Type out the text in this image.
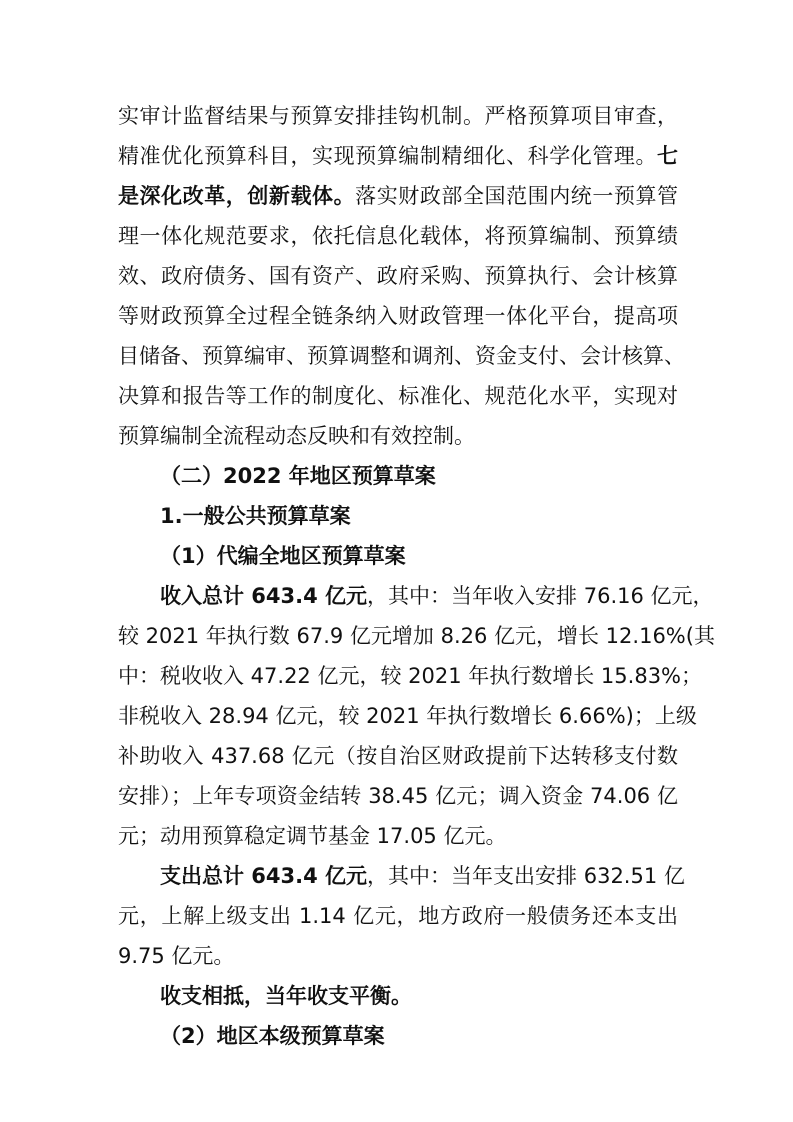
实审计监督结果与预算安排挂钩机制。严格预算项目审查，
精准优化预算科目，实现预算编制精细化、科学化管理。七
是深化改革，创新载体。落实财政部全国范围内统一预算管
理一体化规范要求，依托信息化载体，将预算编制、预算绩
效、政府债务、国有资产、政府采购、预算执行、会计核算
等财政预算全过程全链条纳入财政管理一体化平台，提高项
目储备、预算编审、预算调整和调剂、资金支付、会计核算、
决算和报告等工作的制度化、标准化、规范化水平，实现对
预算编制全流程动态反映和有效控制。
（二）2022 年地区预算草案
1.一般公共预算草案
（1）代编全地区预算草案
收入总计 643.4 亿元，其中：当年收入安排 76.16 亿元，
较 2021 年执行数 67.9 亿元增加 8.26 亿元，增长 12.16%(其
中：税收收入 47.22 亿元，较 2021 年执行数增长 15.83%；
非税收入 28.94 亿元，较 2021 年执行数增长 6.66%)；上级
补助收入 437.68 亿元（按自治区财政提前下达转移支付数
安排）；上年专项资金结转 38.45 亿元；调入资金 74.06 亿
元；动用预算稳定调节基金 17.05 亿元。
支出总计 643.4 亿元，其中：当年支出安排 632.51 亿
元，上解上级支出 1.14 亿元，地方政府一般债务还本支出
9.75 亿元。
收支相抵，当年收支平衡。
（2）地区本级预算草案
